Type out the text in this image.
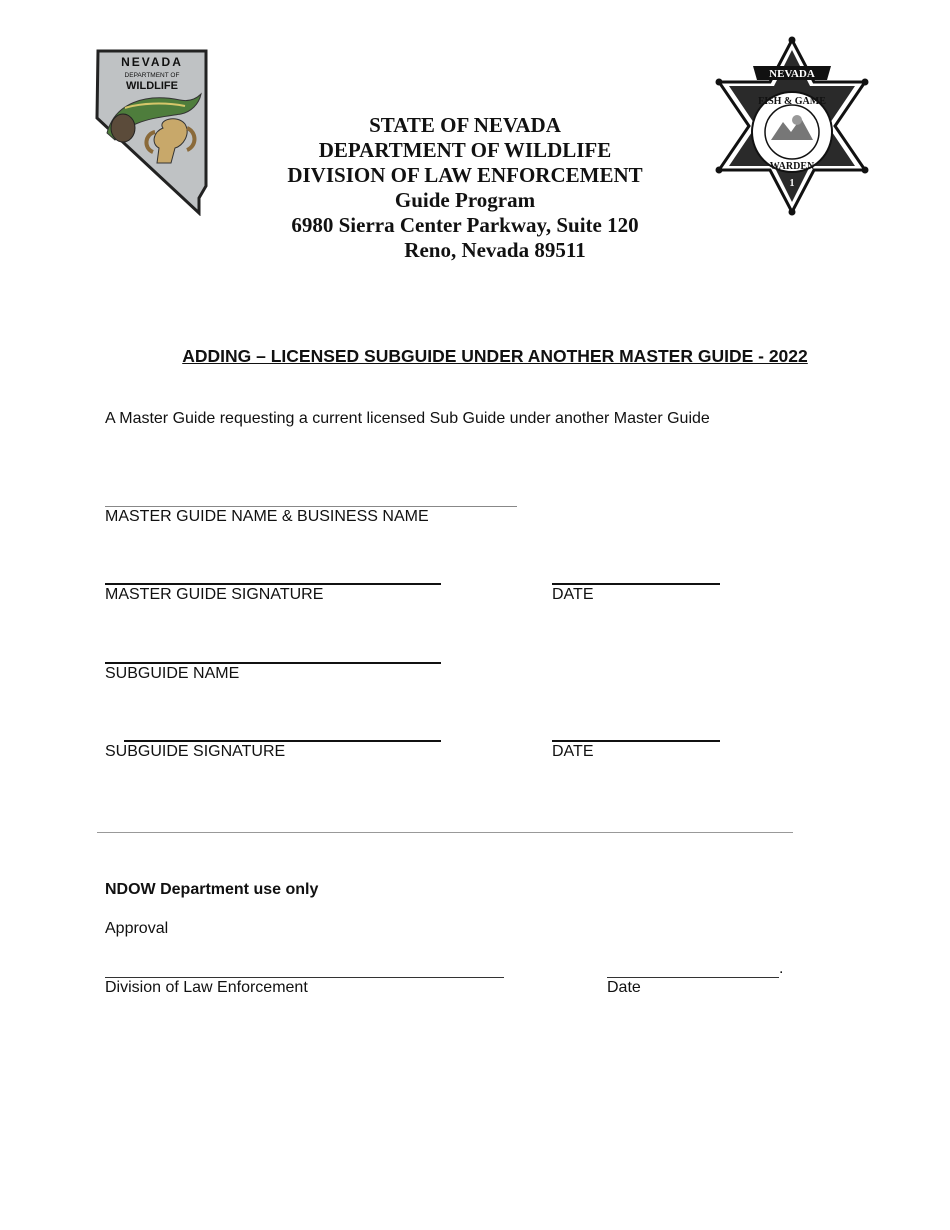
NEVADA
DEPARTMENT OF
WILDLIFE
STATE OF NEVADA
DEPARTMENT OF WILDLIFE
DIVISION OF LAW ENFORCEMENT
Guide Program
6980 Sierra Center Parkway, Suite 120
Reno, Nevada 89511
NEVADA
FISH & GAME
WARDEN
1
ADDING – LICENSED SUBGUIDE UNDER ANOTHER MASTER GUIDE - 2022
A Master Guide requesting a current licensed Sub Guide under another Master Guide
MASTER GUIDE NAME & BUSINESS NAME
MASTER GUIDE SIGNATURE	DATE
SUBGUIDE NAME
SUBGUIDE SIGNATURE	DATE
NDOW Department use only
Approval
Division of Law Enforcement
.
Date
